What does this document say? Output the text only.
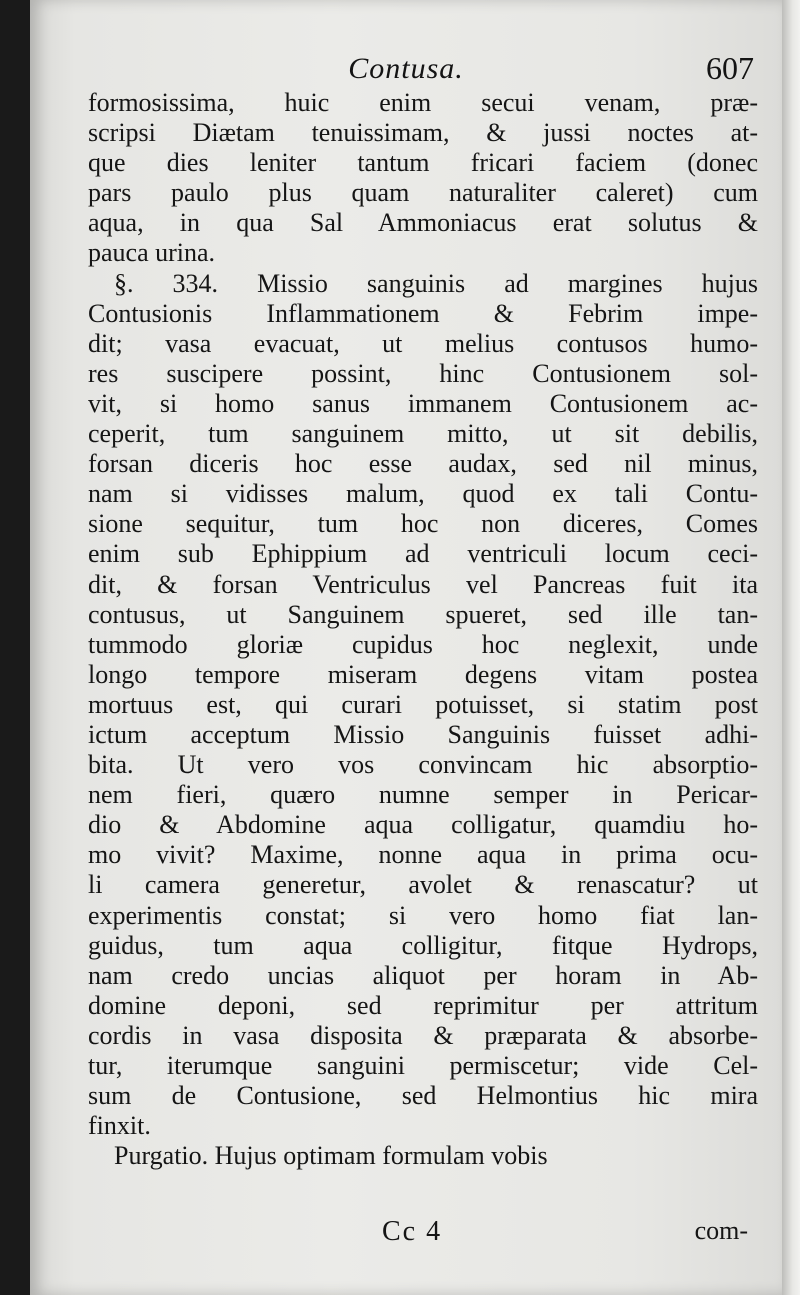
Contusa.	607
formosissima, huic enim secui venam, præ-
scripsi Diætam tenuissimam, & jussi noctes at-
que dies leniter tantum fricari faciem (donec
pars paulo plus quam naturaliter caleret) cum
aqua, in qua Sal Ammoniacus erat solutus &
pauca urina.
§. 334. Missio sanguinis ad margines hujus
Contusionis Inflammationem & Febrim impe-
dit; vasa evacuat, ut melius contusos humo-
res suscipere possint, hinc Contusionem sol-
vit, si homo sanus immanem Contusionem ac-
ceperit, tum sanguinem mitto, ut sit debilis,
forsan diceris hoc esse audax, sed nil minus,
nam si vidisses malum, quod ex tali Contu-
sione sequitur, tum hoc non diceres, Comes
enim sub Ephippium ad ventriculi locum ceci-
dit, & forsan Ventriculus vel Pancreas fuit ita
contusus, ut Sanguinem spueret, sed ille tan-
tummodo gloriæ cupidus hoc neglexit, unde
longo tempore miseram degens vitam postea
mortuus est, qui curari potuisset, si statim post
ictum acceptum Missio Sanguinis fuisset adhi-
bita. Ut vero vos convincam hic absorptio-
nem fieri, quæro numne semper in Pericar-
dio & Abdomine aqua colligatur, quamdiu ho-
mo vivit? Maxime, nonne aqua in prima ocu-
li camera generetur, avolet & renascatur? ut
experimentis constat; si vero homo fiat lan-
guidus, tum aqua colligitur, fitque Hydrops,
nam credo uncias aliquot per horam in Ab-
domine deponi, sed reprimitur per attritum
cordis in vasa disposita & præparata & absorbe-
tur, iterumque sanguini permiscetur; vide Cel-
sum de Contusione, sed Helmontius hic mira
finxit.
Purgatio. Hujus optimam formulam vobis
Cc 4	com-
